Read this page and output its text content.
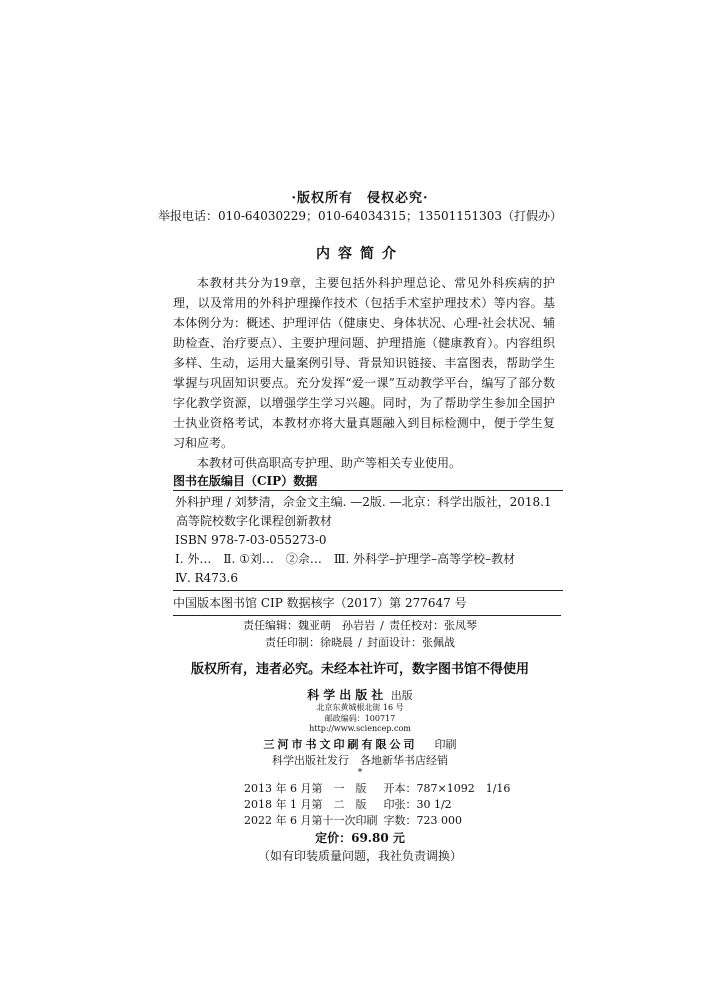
·版权所有　侵权必究·
举报电话：010-64030229；010-64034315；13501151303（打假办）
内容简介

本教材共分为19章，主要包括外科护理总论、常见外科疾病的护理，以及常用的外科护理操作技术（包括手术室护理技术）等内容。基本体例分为：概述、护理评估（健康史、身体状况、心理-社会状况、辅助检查、治疗要点）、主要护理问题、护理措施（健康教育）。内容组织多样、生动，运用大量案例引导、背景知识链接、丰富图表，帮助学生掌握与巩固知识要点。充分发挥“爱一课”互动教学平台，编写了部分数字化教学资源，以增强学生学习兴趣。同时，为了帮助学生参加全国护士执业资格考试，本教材亦将大量真题融入到目标检测中，便于学生复习和应考。

本教材可供高职高专护理、助产等相关专业使用。

图书在版编目（CIP）数据
外科护理 / 刘梦清，佘金文主编. —2版. —北京：科学出版社，2018.1
高等院校数字化课程创新教材
ISBN 978-7-03-055273-0
Ⅰ. 外…　Ⅱ. ①刘…　②佘…　Ⅲ. 外科学–护理学–高等学校–教材
Ⅳ. R473.6
中国版本图书馆 CIP 数据核字（2017）第 277647 号
责任编辑：魏亚萌　孙岩岩 / 责任校对：张凤琴
责任印制：徐晓晨 / 封面设计：张佩战
版权所有，违者必究。未经本社许可，数字图书馆不得使用
科学出版社 出版
北京东黄城根北街 16 号
邮政编码：100717
http://www.sciencep.com
三河市书文印刷有限公司 印刷
科学出版社发行　各地新华书店经销
*
2013 年 6 月第　一　版	开本：787×1092　1/16
2018 年 1 月第　二　版	印张：30 1/2
2022 年 6 月第十一次印刷	字数：723 000
定价：69.80 元
（如有印装质量问题，我社负责调换）
